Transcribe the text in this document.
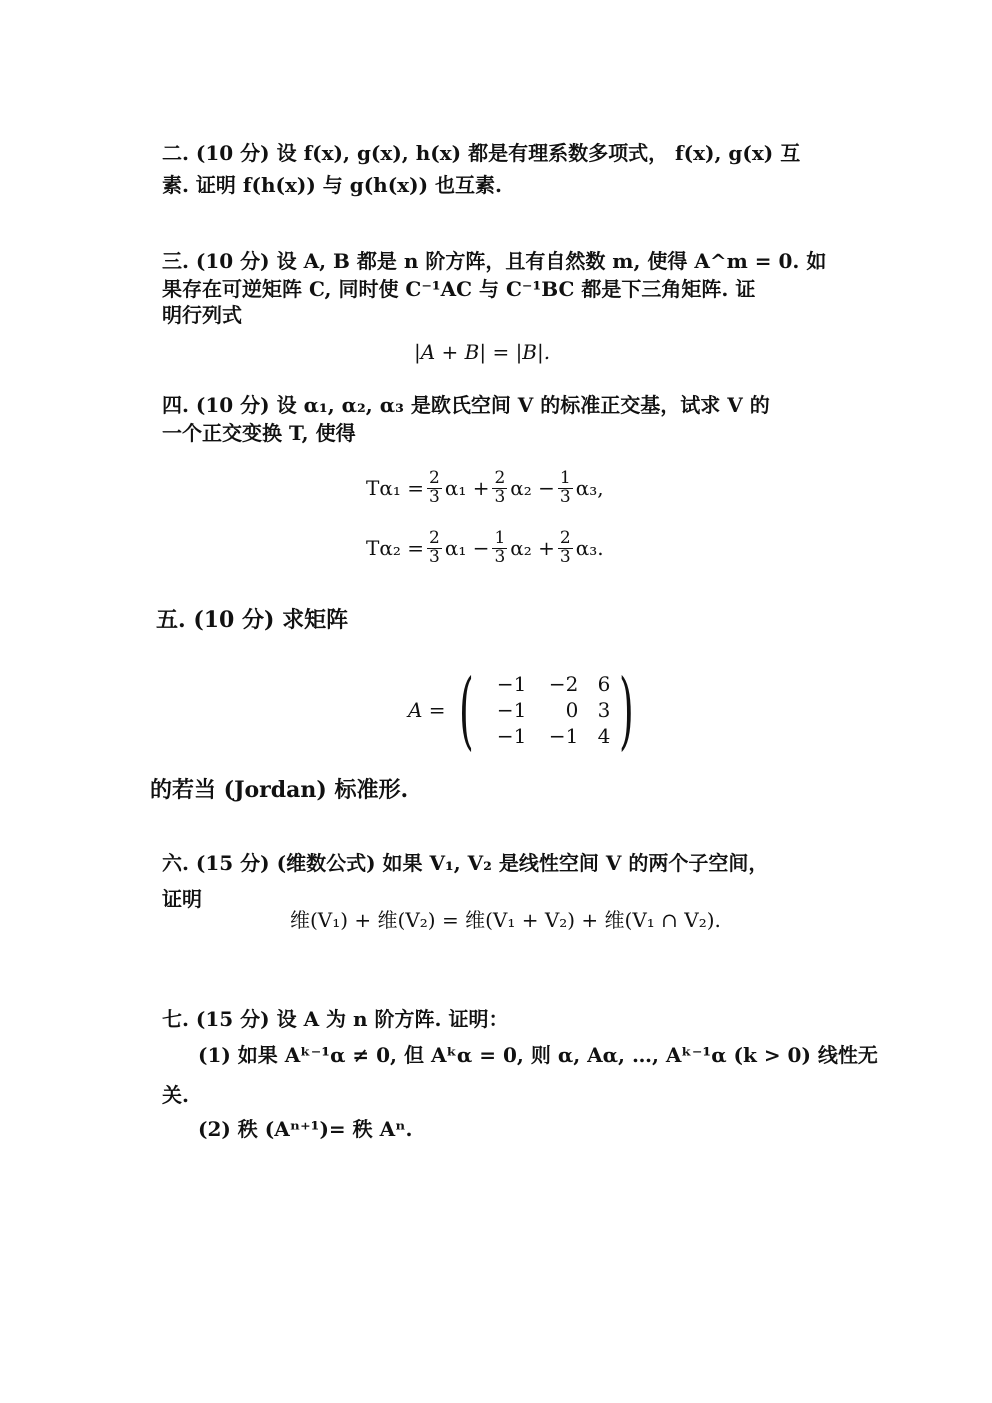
二. (10 分) 设 f(x), g(x), h(x) 都是有理系数多项式， f(x), g(x) 互
素. 证明 f(h(x)) 与 g(h(x)) 也互素.
三. (10 分) 设 A, B 都是 n 阶方阵，且有自然数 m, 使得 A^m = 0. 如
果存在可逆矩阵 C, 同时使 C⁻¹AC 与 C⁻¹BC 都是下三角矩阵. 证
明行列式
|A + B| = |B|.
四. (10 分) 设 α₁, α₂, α₃ 是欧氏空间 V 的标准正交基，试求 V 的
一个正交变换 T, 使得
$T\alpha_1 = \frac{2}{3} \alpha_1 + \frac{2}{3} \alpha_2 - \frac{1}{3} \alpha_3$,
$T\alpha_2 = \frac{2}{3} \alpha_1 - \frac{1}{3} \alpha_2 + \frac{2}{3} \alpha_3$.
五. (10 分) 求矩阵
A = (	−1	−2 6
−1	0 3
−1	−1 4 )
的若当 (Jordan) 标准形.
六. (15 分) (维数公式) 如果 V₁, V₂ 是线性空间 V 的两个子空间，
证明
维(V₁) + 维(V₂) = 维(V₁ + V₂) + 维(V₁ ∩ V₂).
七. (15 分) 设 A 为 n 阶方阵. 证明：
(1) 如果 Aᵏ⁻¹α ≠ 0, 但 Aᵏα = 0, 则 α, Aα, …, Aᵏ⁻¹α (k > 0) 线性无
关.
(2) 秩 (Aⁿ⁺¹)= 秩 Aⁿ.
